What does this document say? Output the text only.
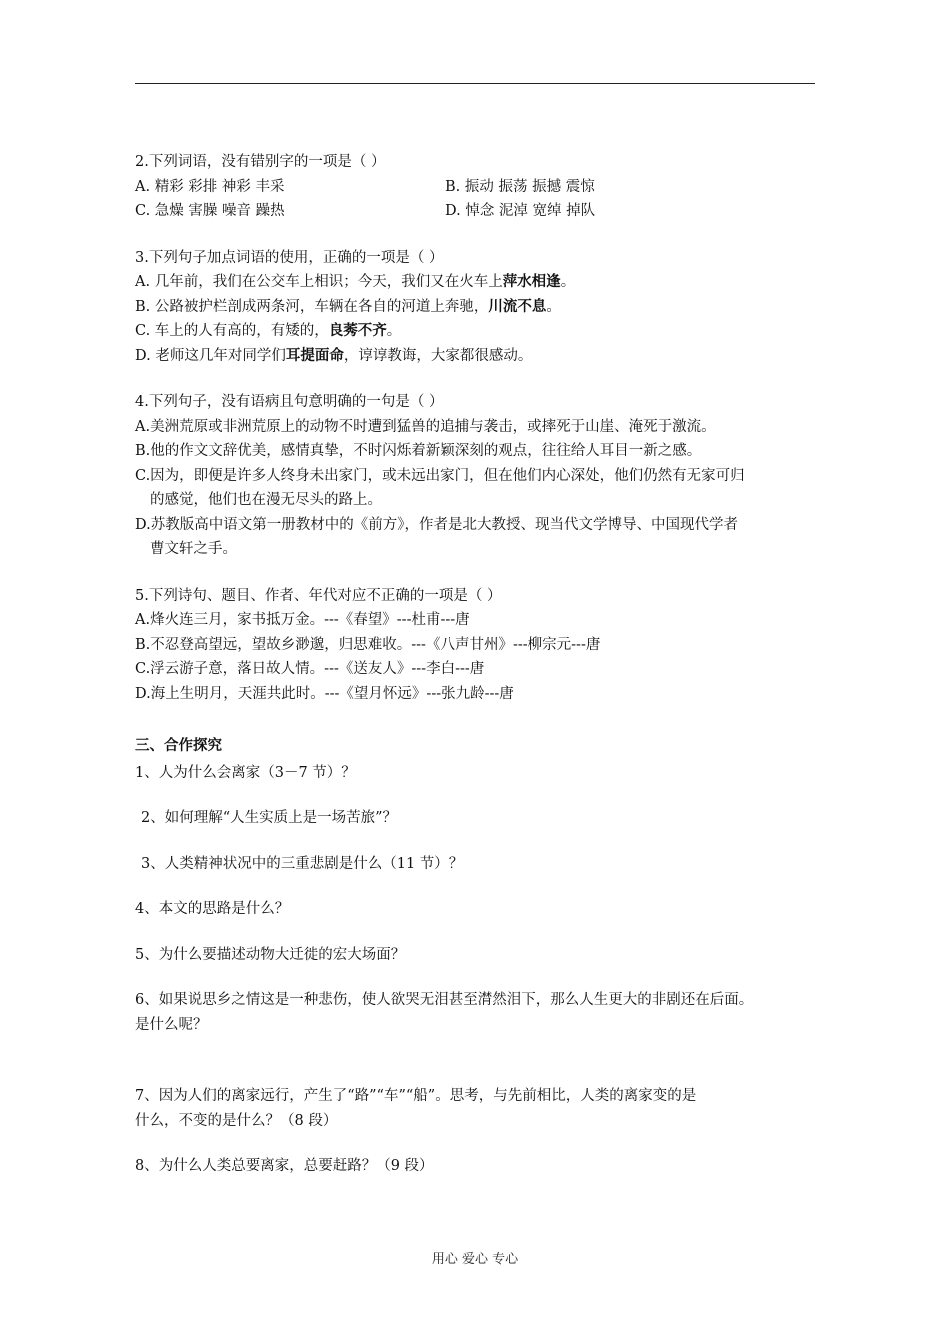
2.下列词语，没有错别字的一项是（ ）
A. 精彩 彩排 神彩 丰采	B. 振动 振荡 振撼 震惊
C. 急燥 害臊 噪音 躁热	D. 悼念 泥淖 宽绰 掉队
3.下列句子加点词语的使用，正确的一项是（ ）
A. 几年前，我们在公交车上相识；今天，我们又在火车上萍水相逢。
B. 公路被护栏剖成两条河，车辆在各自的河道上奔驰，川流不息。
C. 车上的人有高的，有矮的，良莠不齐。
D. 老师这几年对同学们耳提面命，谆谆教诲，大家都很感动。
4.下列句子，没有语病且句意明确的一句是（ ）
A.美洲荒原或非洲荒原上的动物不时遭到猛兽的追捕与袭击，或摔死于山崖、淹死于激流。
B.他的作文文辞优美，感情真挚，不时闪烁着新颖深刻的观点，往往给人耳目一新之感。
C.因为，即便是许多人终身未出家门，或未远出家门，但在他们内心深处，他们仍然有无家可归
的感觉，他们也在漫无尽头的路上。
D.苏教版高中语文第一册教材中的《前方》，作者是北大教授、现当代文学博导、中国现代学者
曹文轩之手。
5.下列诗句、题目、作者、年代对应不正确的一项是（ ）
A.烽火连三月，家书抵万金。---《春望》---杜甫---唐
B.不忍登高望远，望故乡渺邈，归思难收。---《八声甘州》---柳宗元---唐
C.浮云游子意，落日故人情。---《送友人》---李白---唐
D.海上生明月，天涯共此时。---《望月怀远》---张九龄---唐
三、合作探究
1、人为什么会离家（3－7 节）？
2、如何理解“人生实质上是一场苦旅”？
3、人类精神状况中的三重悲剧是什么（11 节）？
4、本文的思路是什么？
5、为什么要描述动物大迁徙的宏大场面？
6、如果说思乡之情这是一种悲伤，使人欲哭无泪甚至潸然泪下，那么人生更大的非剧还在后面。
是什么呢？
7、因为人们的离家远行，产生了“路”“车”“船”。思考，与先前相比，人类的离家变的是
什么，不变的是什么？（8 段）
8、为什么人类总要离家，总要赶路？（9 段）
用心 爱心 专心
